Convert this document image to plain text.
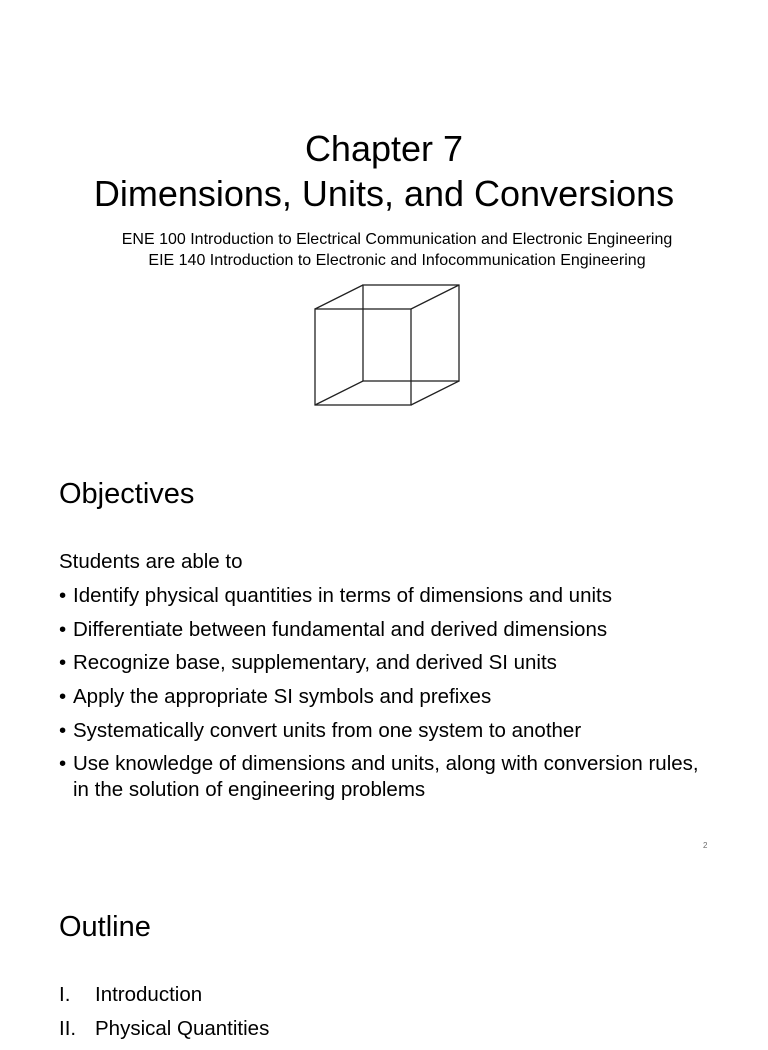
Chapter 7
Dimensions, Units, and Conversions
ENE 100 Introduction to Electrical Communication and Electronic Engineering
EIE 140 Introduction to Electronic and Infocommunication Engineering
Objectives
Students are able to
• Identify physical quantities in terms of dimensions and units
• Differentiate between fundamental and derived dimensions
• Recognize base, supplementary, and derived SI units
• Apply the appropriate SI symbols and prefixes
• Systematically convert units from one system to another
• Use knowledge of dimensions and units, along with conversion rules, in the solution of engineering problems
2
Outline
I. Introduction
II. Physical Quantities
